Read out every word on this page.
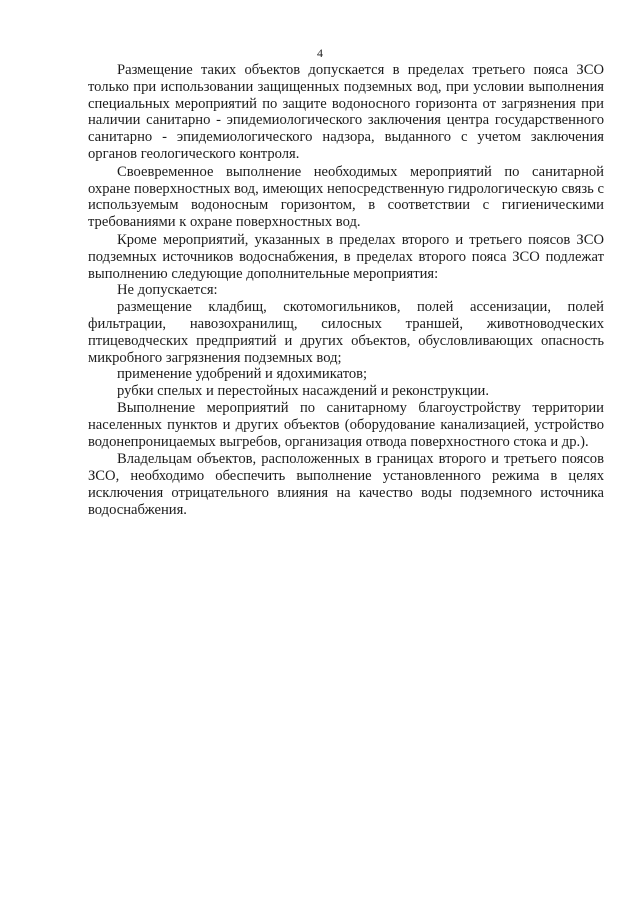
4

Размещение таких объектов допускается в пределах третьего пояса ЗСО только при использовании защищенных подземных вод, при условии выполнения специальных мероприятий по защите водоносного горизонта от загрязнения при наличии санитарно - эпидемиологического заключения центра государственного санитарно - эпидемиологического надзора, выданного с учетом заключения органов геологического контроля.

Своевременное выполнение необходимых мероприятий по санитарной охране поверхностных вод, имеющих непосредственную гидрологическую связь с используемым водоносным горизонтом, в соответствии с гигиеническими требованиями к охране поверхностных вод.

Кроме мероприятий, указанных в пределах второго и третьего поясов ЗСО подземных источников водоснабжения, в пределах второго пояса ЗСО подлежат выполнению следующие дополнительные мероприятия:

Не допускается:

размещение кладбищ, скотомогильников, полей ассенизации, полей фильтрации, навозохранилищ, силосных траншей, животноводческих птицеводческих предприятий и других объектов, обусловливающих опасность микробного загрязнения подземных вод;

применение удобрений и ядохимикатов;

рубки спелых и перестойных насаждений и реконструкции.

Выполнение мероприятий по санитарному благоустройству территории населенных пунктов и других объектов (оборудование канализацией, устройство водонепроницаемых выгребов, организация отвода поверхностного стока и др.).

Владельцам объектов, расположенных в границах второго и третьего поясов ЗСО, необходимо обеспечить выполнение установленного режима в целях исключения отрицательного влияния на качество воды подземного источника водоснабжения.
